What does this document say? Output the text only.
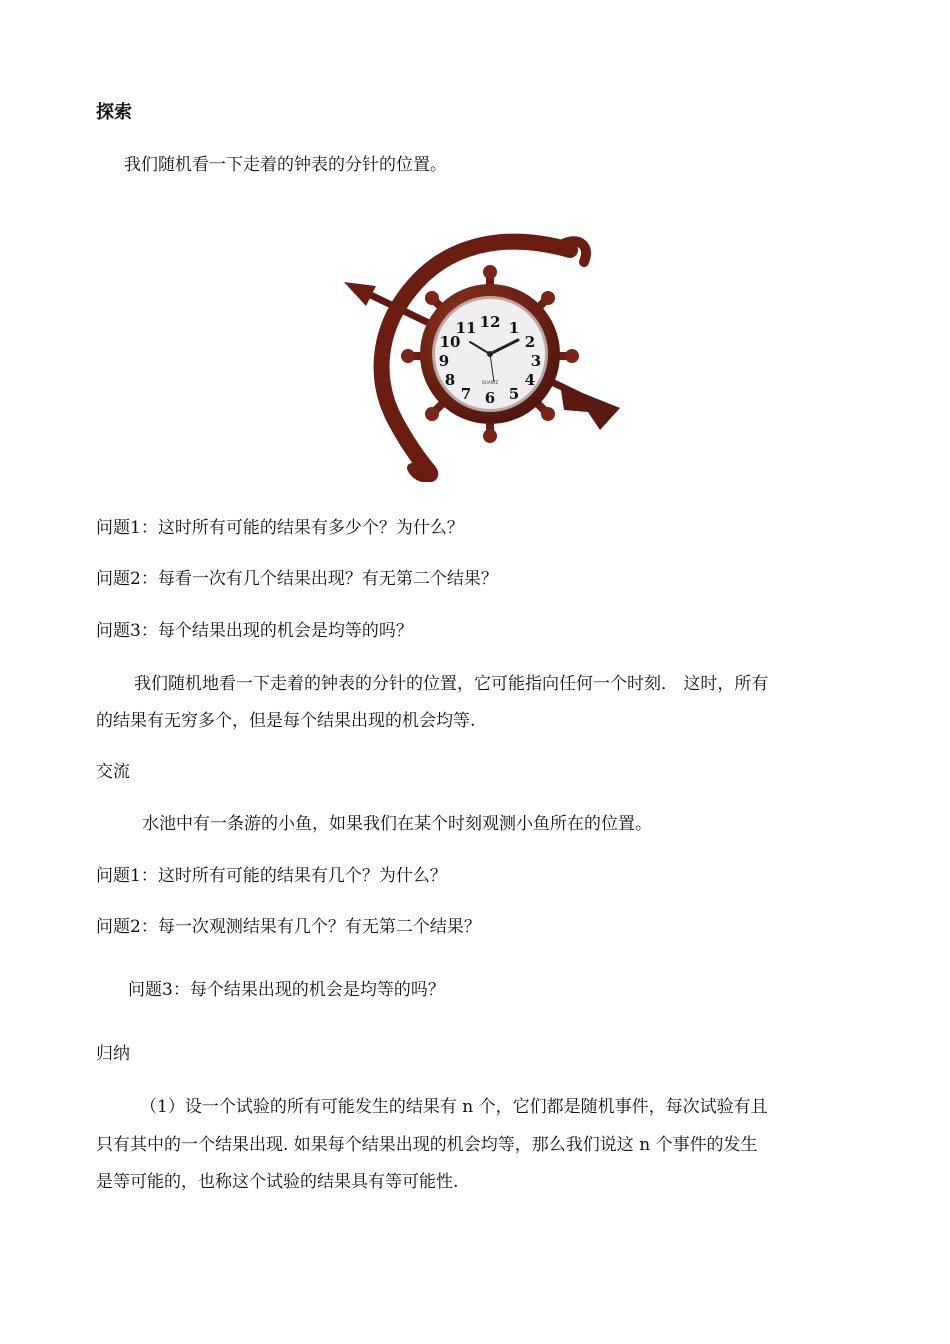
探索
我们随机看一下走着的钟表的分针的位置。
12 1
2
3
4
5
6
7
8
9
10
11
QUARTZ
问题1：这时所有可能的结果有多少个？为什么？
问题2：每看一次有几个结果出现？有无第二个结果？
问题3：每个结果出现的机会是均等的吗？
我们随机地看一下走着的钟表的分针的位置，它可能指向任何一个时刻． 这时，所有
的结果有无穷多个，但是每个结果出现的机会均等.
交流
水池中有一条游的小鱼，如果我们在某个时刻观测小鱼所在的位置。
问题1：这时所有可能的结果有几个？为什么？
问题2：每一次观测结果有几个？有无第二个结果？
问题3：每个结果出现的机会是均等的吗？
归纳
（1）设一个试验的所有可能发生的结果有 n 个，它们都是随机事件，每次试验有且
只有其中的一个结果出现. 如果每个结果出现的机会均等，那么我们说这 n 个事件的发生
是等可能的，也称这个试验的结果具有等可能性.
